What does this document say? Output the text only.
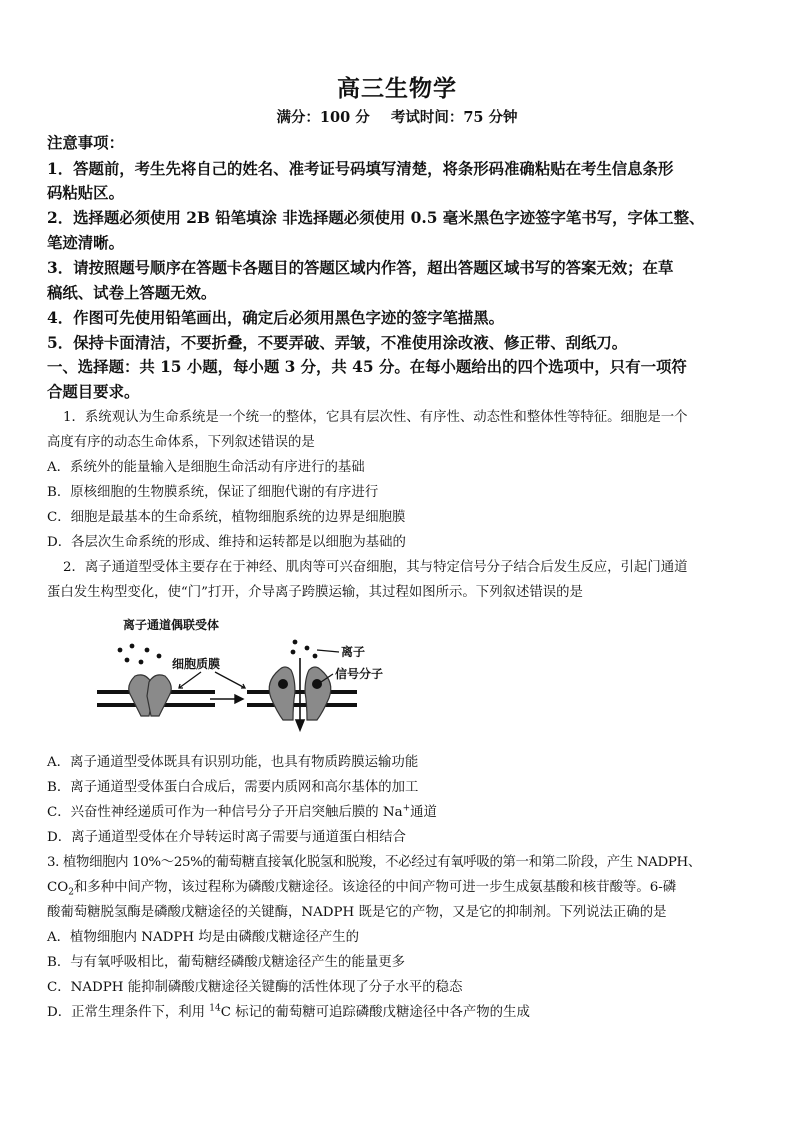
高三生物学
满分：100 分 考试时间：75 分钟
注意事项：
1．答题前，考生先将自己的姓名、准考证号码填写清楚，将条形码准确粘贴在考生信息条形
码粘贴区。
2．选择题必须使用 2B 铅笔填涂 非选择题必须使用 0.5 毫米黑色字迹签字笔书写，字体工整、
笔迹清晰。
3．请按照题号顺序在答题卡各题目的答题区域内作答，超出答题区域书写的答案无效；在草
稿纸、试卷上答题无效。
4．作图可先使用铅笔画出，确定后必须用黑色字迹的签字笔描黑。
5．保持卡面清洁，不要折叠，不要弄破、弄皱，不准使用涂改液、修正带、刮纸刀。
一、选择题：共 15 小题，每小题 3 分，共 45 分。在每小题给出的四个选项中，只有一项符
合题目要求。
1．系统观认为生命系统是一个统一的整体，它具有层次性、有序性、动态性和整体性等特征。细胞是一个
高度有序的动态生命体系，下列叙述错误的是
A．系统外的能量输入是细胞生命活动有序进行的基础
B．原核细胞的生物膜系统，保证了细胞代谢的有序进行
C．细胞是最基本的生命系统，植物细胞系统的边界是细胞膜
D．各层次生命系统的形成、维持和运转都是以细胞为基础的
2．离子通道型受体主要存在于神经、肌肉等可兴奋细胞，其与特定信号分子结合后发生反应，引起门通道
蛋白发生构型变化，使“门”打开，介导离子跨膜运输，其过程如图所示。下列叙述错误的是
离子通道偶联受体
细胞质膜
离子
信号分子
A．离子通道型受体既具有识别功能，也具有物质跨膜运输功能
B．离子通道型受体蛋白合成后，需要内质网和高尔基体的加工
C．兴奋性神经递质可作为一种信号分子开启突触后膜的 Na+通道
D．离子通道型受体在介导转运时离子需要与通道蛋白相结合
3. 植物细胞内 10%～25%的葡萄糖直接氧化脱氢和脱羧，不必经过有氧呼吸的第一和第二阶段，产生 NADPH、
$CO_2$和多种中间产物，该过程称为磷酸戊糖途径。该途径的中间产物可进一步生成氨基酸和核苷酸等。6-磷
酸葡萄糖脱氢酶是磷酸戊糖途径的关键酶，NADPH 既是它的产物，又是它的抑制剂。下列说法正确的是
A．植物细胞内 NADPH 均是由磷酸戊糖途径产生的
B．与有氧呼吸相比，葡萄糖经磷酸戊糖途径产生的能量更多
C．NADPH 能抑制磷酸戊糖途径关键酶的活性体现了分子水平的稳态
D．正常生理条件下，利用 $^{14}$C 标记的葡萄糖可追踪磷酸戊糖途径中各产物的生成
